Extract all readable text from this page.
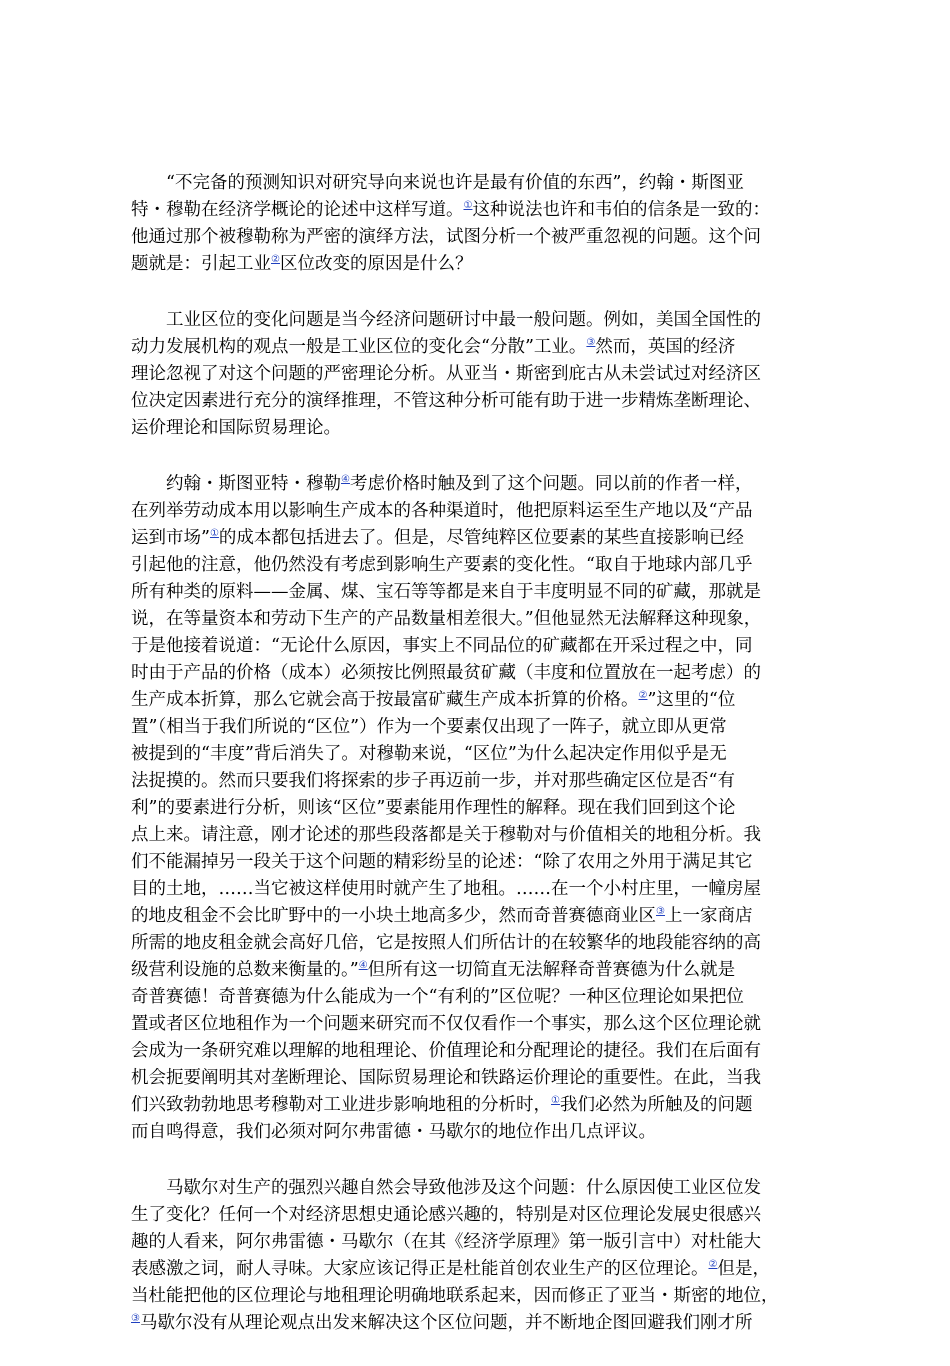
“不完备的预测知识对研究导向来说也许是最有价值的东西”，约翰・斯图亚
特・穆勒在经济学概论的论述中这样写道。①这种说法也许和韦伯的信条是一致的：
他通过那个被穆勒称为严密的演绎方法，试图分析一个被严重忽视的问题。这个问
题就是：引起工业②区位改变的原因是什么？
工业区位的变化问题是当今经济问题研讨中最一般问题。例如，美国全国性的
动力发展机构的观点一般是工业区位的变化会“分散”工业。③然而，英国的经济
理论忽视了对这个问题的严密理论分析。从亚当・斯密到庇古从未尝试过对经济区
位决定因素进行充分的演绎推理，不管这种分析可能有助于进一步精炼垄断理论、
运价理论和国际贸易理论。
约翰・斯图亚特・穆勒④考虑价格时触及到了这个问题。同以前的作者一样，
在列举劳动成本用以影响生产成本的各种渠道时，他把原料运至生产地以及“产品
运到市场”①的成本都包括进去了。但是，尽管纯粹区位要素的某些直接影响已经
引起他的注意，他仍然没有考虑到影响生产要素的变化性。“取自于地球内部几乎
所有种类的原料——金属、煤、宝石等等都是来自于丰度明显不同的矿藏，那就是
说，在等量资本和劳动下生产的产品数量相差很大。”但他显然无法解释这种现象，
于是他接着说道：“无论什么原因，事实上不同品位的矿藏都在开采过程之中，同
时由于产品的价格（成本）必须按比例照最贫矿藏（丰度和位置放在一起考虑）的
生产成本折算，那么它就会高于按最富矿藏生产成本折算的价格。②”这里的“位
置”（相当于我们所说的“区位”）作为一个要素仅出现了一阵子，就立即从更常
被提到的“丰度”背后消失了。对穆勒来说，“区位”为什么起决定作用似乎是无
法捉摸的。然而只要我们将探索的步子再迈前一步，并对那些确定区位是否“有
利”的要素进行分析，则该“区位”要素能用作理性的解释。现在我们回到这个论
点上来。请注意，刚才论述的那些段落都是关于穆勒对与价值相关的地租分析。我
们不能漏掉另一段关于这个问题的精彩纷呈的论述：“除了农用之外用于满足其它
目的土地，……当它被这样使用时就产生了地租。……在一个小村庄里，一幢房屋
的地皮租金不会比旷野中的一小块土地高多少，然而奇普赛德商业区③上一家商店
所需的地皮租金就会高好几倍，它是按照人们所估计的在较繁华的地段能容纳的高
级营利设施的总数来衡量的。”④但所有这一切简直无法解释奇普赛德为什么就是
奇普赛德！奇普赛德为什么能成为一个“有利的”区位呢？一种区位理论如果把位
置或者区位地租作为一个问题来研究而不仅仅看作一个事实，那么这个区位理论就
会成为一条研究难以理解的地租理论、价值理论和分配理论的捷径。我们在后面有
机会扼要阐明其对垄断理论、国际贸易理论和铁路运价理论的重要性。在此，当我
们兴致勃勃地思考穆勒对工业进步影响地租的分析时，①我们必然为所触及的问题
而自鸣得意，我们必须对阿尔弗雷德・马歇尔的地位作出几点评议。
马歇尔对生产的强烈兴趣自然会导致他涉及这个问题：什么原因使工业区位发
生了变化？任何一个对经济思想史通论感兴趣的，特别是对区位理论发展史很感兴
趣的人看来，阿尔弗雷德・马歇尔（在其《经济学原理》第一版引言中）对杜能大
表感激之词，耐人寻味。大家应该记得正是杜能首创农业生产的区位理论。②但是，
当杜能把他的区位理论与地租理论明确地联系起来，因而修正了亚当・斯密的地位，
③马歇尔没有从理论观点出发来解决这个区位问题，并不断地企图回避我们刚才所
